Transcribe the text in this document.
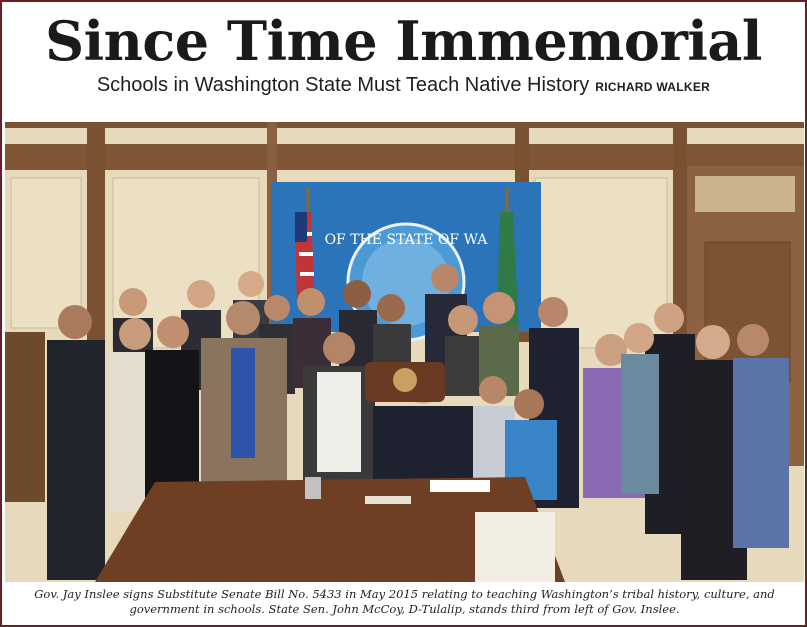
Since Time Immemorial
Schools in Washington State Must Teach Native History RICHARD WALKER
OF THE STATE OF WA
Gov. Jay Inslee signs Substitute Senate Bill No. 5433 in May 2015 relating to teaching Washington’s tribal history, culture, and government in schools. State Sen. John McCoy, D-Tulalip, stands third from left of Gov. Inslee.
